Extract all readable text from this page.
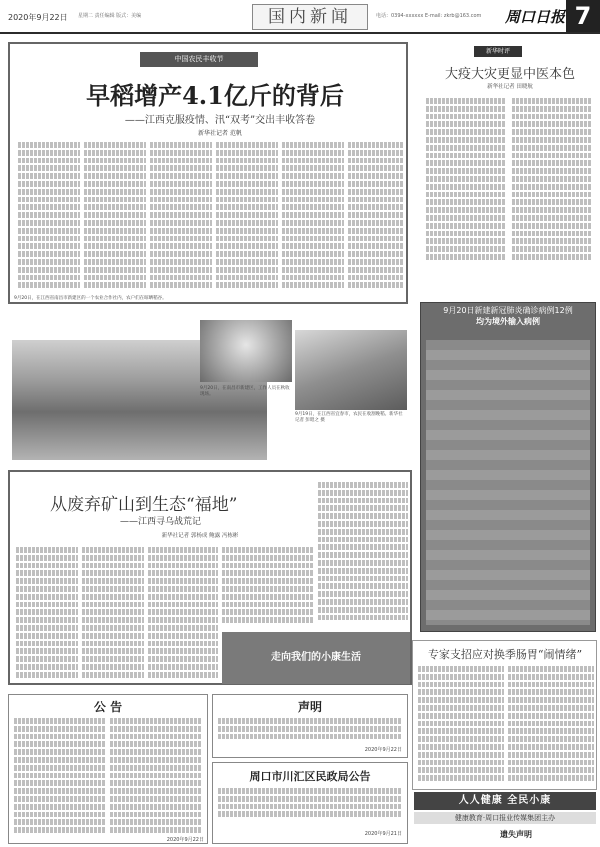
2020年9月22日 星期二 责任编辑 版式：美编	国内新闻	电话：0394-xxxxxx E-mail: zkrb@163.com 周口日报 7
中国农民丰收节
早稻增产4.1亿斤的背后
——江西克服疫情、汛“双考”交出丰收答卷
新华社记者 范帆
9月20日，在江西省南昌市新建区的一个农业合作社内，农户们在晾晒稻谷。
9月20日，在南昌市新建区，工作人员在秋收现场。
9月19日，在江西省宜春市，农民在收割晚稻。新华社记者 彭昭之 摄
新华时评
大疫大灾更显中医本色
新华社记者 田晓航
9月20日新建新冠肺炎确诊病例12例
均为境外输入病例
从废弃矿山到生态“福地”
——江西寻乌战荒记
新华社记者 郭杨成 鲍露 冯栋彬
走向我们的小康生活	专家支招应对换季肠胃“闹情绪”
人人健康 全民小康
健康教育·周口报业传媒集团主办
遗失声明
公 告
2020年9月22日
声明
2020年9月22日
周口市川汇区民政局公告
2020年9月21日
